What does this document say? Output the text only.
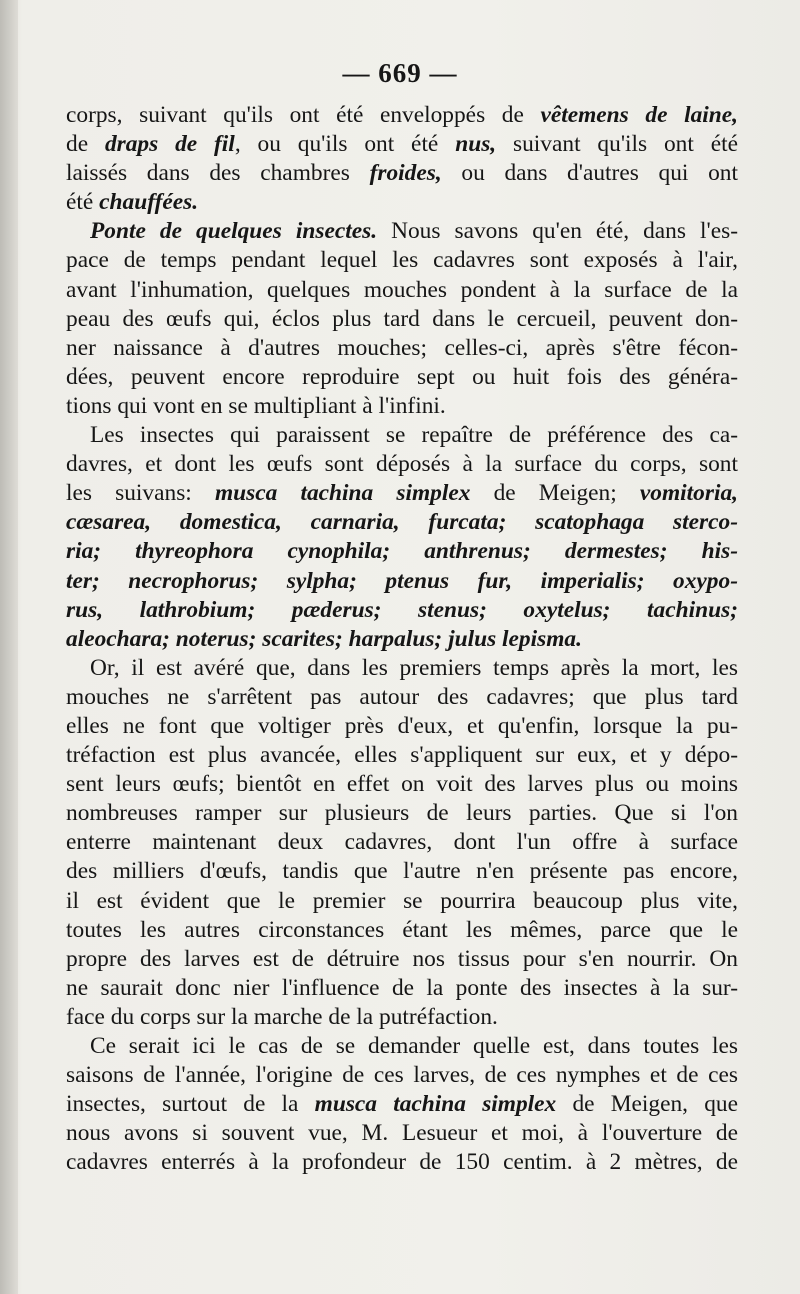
— 669 —
corps, suivant qu'ils ont été enveloppés de vêtemens de laine,
de draps de fil, ou qu'ils ont été nus, suivant qu'ils ont été
laissés dans des chambres froides, ou dans d'autres qui ont
été chauffées.
Ponte de quelques insectes. Nous savons qu'en été, dans l'es-
pace de temps pendant lequel les cadavres sont exposés à l'air,
avant l'inhumation, quelques mouches pondent à la surface de la
peau des œufs qui, éclos plus tard dans le cercueil, peuvent don-
ner naissance à d'autres mouches; celles-ci, après s'être fécon-
dées, peuvent encore reproduire sept ou huit fois des généra-
tions qui vont en se multipliant à l'infini.
Les insectes qui paraissent se repaître de préférence des ca-
davres, et dont les œufs sont déposés à la surface du corps, sont
les suivans: musca tachina simplex de Meigen; vomitoria,
cæsarea, domestica, carnaria, furcata; scatophaga sterco-
ria; thyreophora cynophila; anthrenus; dermestes; his-
ter; necrophorus; sylpha; ptenus fur, imperialis; oxypo-
rus, lathrobium; pæderus; stenus; oxytelus; tachinus;
aleochara; noterus; scarites; harpalus; julus lepisma.
Or, il est avéré que, dans les premiers temps après la mort, les
mouches ne s'arrêtent pas autour des cadavres; que plus tard
elles ne font que voltiger près d'eux, et qu'enfin, lorsque la pu-
tréfaction est plus avancée, elles s'appliquent sur eux, et y dépo-
sent leurs œufs; bientôt en effet on voit des larves plus ou moins
nombreuses ramper sur plusieurs de leurs parties. Que si l'on
enterre maintenant deux cadavres, dont l'un offre à surface
des milliers d'œufs, tandis que l'autre n'en présente pas encore,
il est évident que le premier se pourrira beaucoup plus vite,
toutes les autres circonstances étant les mêmes, parce que le
propre des larves est de détruire nos tissus pour s'en nourrir. On
ne saurait donc nier l'influence de la ponte des insectes à la sur-
face du corps sur la marche de la putréfaction.
Ce serait ici le cas de se demander quelle est, dans toutes les
saisons de l'année, l'origine de ces larves, de ces nymphes et de ces
insectes, surtout de la musca tachina simplex de Meigen, que
nous avons si souvent vue, M. Lesueur et moi, à l'ouverture de
cadavres enterrés à la profondeur de 150 centim. à 2 mètres, de
